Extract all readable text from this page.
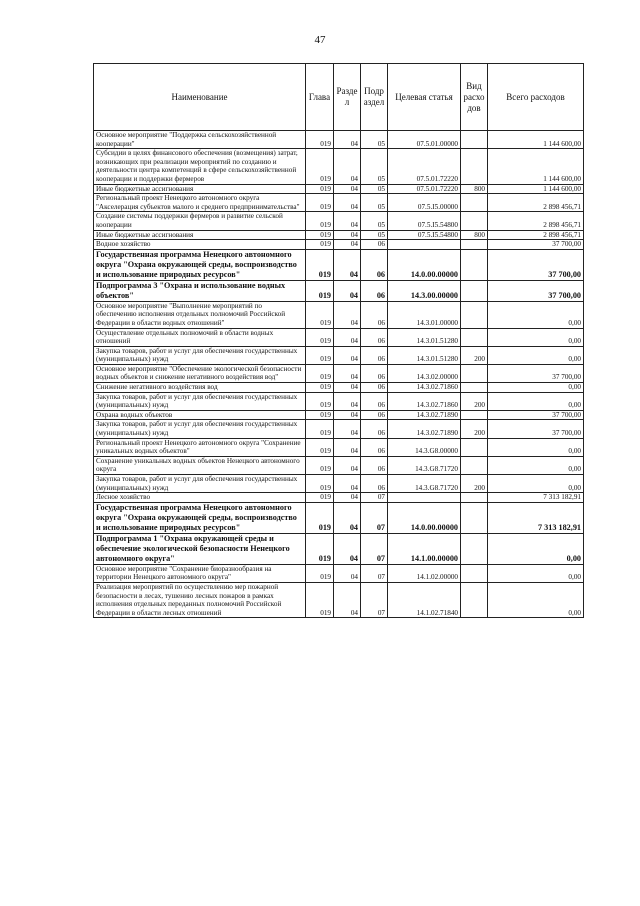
47
Наименование	Глава	Разде л	Подр аздел	Целевая статья	Вид расхо дов	Всего расходов
Основное мероприятие "Поддержка сельскохозяйственной кооперации"	019	04	05	07.5.01.00000		1 144 600,00
Субсидии в целях финансового обеспечения (возмещения) затрат, возникающих при реализации мероприятий по созданию и деятельности центра компетенций в сфере сельскохозяйственной кооперации и поддержки фермеров	019	04	05	07.5.01.72220		1 144 600,00
Иные бюджетные ассигнования	019	04	05	07.5.01.72220	800	1 144 600,00
Региональный проект Ненецкого автономного округа "Акселерация субъектов малого и среднего предпринимательства"	019	04	05	07.5.I5.00000		2 898 456,71
Создание системы поддержки фермеров и развитие сельской кооперации	019	04	05	07.5.I5.54800		2 898 456,71
Иные бюджетные ассигнования	019	04	05	07.5.I5.54800	800	2 898 456,71
Водное хозяйство	019	04	06			37 700,00
Государственная программа Ненецкого автономного округа "Охрана окружающей среды, воспроизводство и использование природных ресурсов"	019	04	06	14.0.00.00000		37 700,00
Подпрограмма 3 "Охрана и использование водных объектов"	019	04	06	14.3.00.00000		37 700,00
Основное мероприятие "Выполнение мероприятий по обеспечению исполнения отдельных полномочий Российской Федерации в области водных отношений"	019	04	06	14.3.01.00000		0,00
Осуществление отдельных полномочий в области водных отношений	019	04	06	14.3.01.51280		0,00
Закупка товаров, работ и услуг для обеспечения государственных (муниципальных) нужд	019	04	06	14.3.01.51280	200	0,00
Основное мероприятие "Обеспечение экологической безопасности водных объектов и снижение негативного воздействия вод"	019	04	06	14.3.02.00000		37 700,00
Снижение негативного воздействия вод	019	04	06	14.3.02.71860		0,00
Закупка товаров, работ и услуг для обеспечения государственных (муниципальных) нужд	019	04	06	14.3.02.71860	200	0,00
Охрана водных объектов	019	04	06	14.3.02.71890		37 700,00
Закупка товаров, работ и услуг для обеспечения государственных (муниципальных) нужд	019	04	06	14.3.02.71890	200	37 700,00
Региональный проект Ненецкого автономного округа "Сохранение уникальных водных объектов"	019	04	06	14.3.G8.00000		0,00
Сохранение уникальных водных объектов Ненецкого автономного округа	019	04	06	14.3.G8.71720		0,00
Закупка товаров, работ и услуг для обеспечения государственных (муниципальных) нужд	019	04	06	14.3.G8.71720	200	0,00
Лесное хозяйство	019	04	07			7 313 182,91
Государственная программа Ненецкого автономного округа "Охрана окружающей среды, воспроизводство и использование природных ресурсов"	019	04	07	14.0.00.00000		7 313 182,91
Подпрограмма 1 "Охрана окружающей среды и обеспечение экологической безопасности Ненецкого автономного округа"	019	04	07	14.1.00.00000		0,00
Основное мероприятие "Сохранение биоразнообразия на территории Ненецкого автономного округа"	019	04	07	14.1.02.00000		0,00
Реализация мероприятий по осуществлению мер пожарной безопасности в лесах, тушению лесных пожаров в рамках исполнения отдельных переданных полномочий Российской Федерации в области лесных отношений	019	04	07	14.1.02.71840		0,00
